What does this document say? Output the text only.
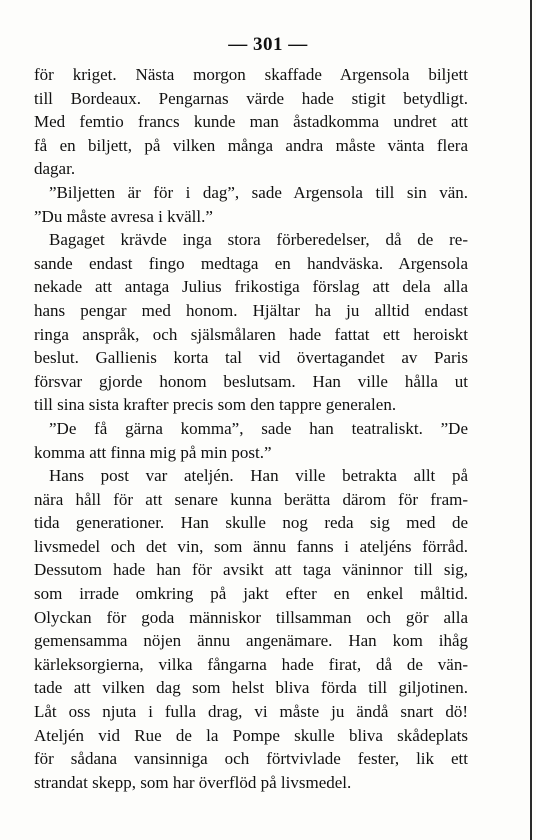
— 301 —
för kriget. Nästa morgon skaffade Argensola biljett
till Bordeaux. Pengarnas värde hade stigit betydligt.
Med femtio francs kunde man åstadkomma undret att
få en biljett, på vilken många andra måste vänta flera
dagar.
”Biljetten är för i dag”, sade Argensola till sin vän.
”Du måste avresa i kväll.”
Bagaget krävde inga stora förberedelser, då de re-
sande endast fingo medtaga en handväska. Argensola
nekade att antaga Julius frikostiga förslag att dela alla
hans pengar med honom. Hjältar ha ju alltid endast
ringa anspråk, och själsmålaren hade fattat ett heroiskt
beslut. Gallienis korta tal vid övertagandet av Paris
försvar gjorde honom beslutsam. Han ville hålla ut
till sina sista krafter precis som den tappre generalen.
”De få gärna komma”, sade han teatraliskt. ”De
komma att finna mig på min post.”
Hans post var ateljén. Han ville betrakta allt på
nära håll för att senare kunna berätta därom för fram-
tida generationer. Han skulle nog reda sig med de
livsmedel och det vin, som ännu fanns i ateljéns förråd.
Dessutom hade han för avsikt att taga väninnor till sig,
som irrade omkring på jakt efter en enkel måltid.
Olyckan för goda människor tillsamman och gör alla
gemensamma nöjen ännu angenämare. Han kom ihåg
kärleksorgierna, vilka fångarna hade firat, då de vän-
tade att vilken dag som helst bliva förda till giljotinen.
Låt oss njuta i fulla drag, vi måste ju ändå snart dö!
Ateljén vid Rue de la Pompe skulle bliva skådeplats
för sådana vansinniga och förtvivlade fester, lik ett
strandat skepp, som har överflöd på livsmedel.
